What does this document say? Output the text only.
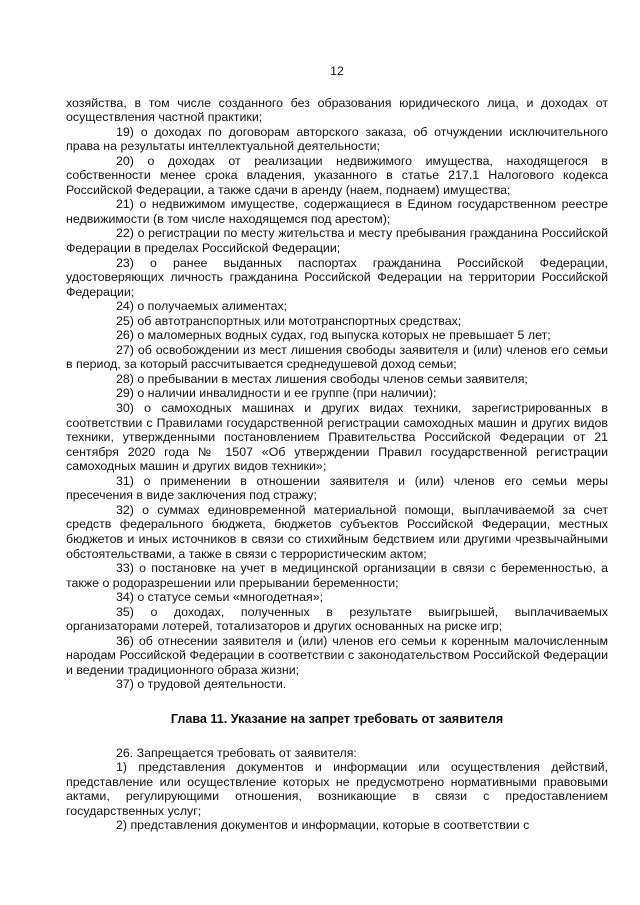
12

хозяйства, в том числе созданного без образования юридического лица, и доходах от осуществления частной практики;

19) о доходах по договорам авторского заказа, об отчуждении исключительного права на результаты интеллектуальной деятельности;

20) о доходах от реализации недвижимого имущества, находящегося в собственности менее срока владения, указанного в статье 217.1 Налогового кодекса Российской Федерации, а также сдачи в аренду (наем, поднаем) имущества;

21) о недвижимом имуществе, содержащиеся в Едином государственном реестре недвижимости (в том числе находящемся под арестом);

22) о регистрации по месту жительства и месту пребывания гражданина Российской Федерации в пределах Российской Федерации;

23) о ранее выданных паспортах гражданина Российской Федерации, удостоверяющих личность гражданина Российской Федерации на территории Российской Федерации;

24) о получаемых алиментах;

25) об автотранспортных или мототранспортных средствах;

26) о маломерных водных судах, год выпуска которых не превышает 5 лет;

27) об освобождении из мест лишения свободы заявителя и (или) членов его семьи в период, за который рассчитывается среднедушевой доход семьи;

28) о пребывании в местах лишения свободы членов семьи заявителя;

29) о наличии инвалидности и ее группе (при наличии);

30) о самоходных машинах и других видах техники, зарегистрированных в соответствии с Правилами государственной регистрации самоходных машин и других видов техники, утвержденными постановлением Правительства Российской Федерации от 21 сентября 2020 года № 1507 «Об утверждении Правил государственной регистрации самоходных машин и других видов техники»;

31) о применении в отношении заявителя и (или) членов его семьи меры пресечения в виде заключения под стражу;

32) о суммах единовременной материальной помощи, выплачиваемой за счет средств федерального бюджета, бюджетов субъектов Российской Федерации, местных бюджетов и иных источников в связи со стихийным бедствием или другими чрезвычайными обстоятельствами, а также в связи с террористическим актом;

33) о постановке на учет в медицинской организации в связи с беременностью, а также о родоразрешении или прерывании беременности;

34) о статусе семьи «многодетная»;

35) о доходах, полученных в результате выигрышей, выплачиваемых организаторами лотерей, тотализаторов и других основанных на риске игр;

36) об отнесении заявителя и (или) членов его семьи к коренным малочисленным народам Российской Федерации в соответствии с законодательством Российской Федерации и ведении традиционного образа жизни;

37) о трудовой деятельности.

Глава 11. Указание на запрет требовать от заявителя

26. Запрещается требовать от заявителя:

1) представления документов и информации или осуществления действий, представление или осуществление которых не предусмотрено нормативными правовыми актами, регулирующими отношения, возникающие в связи с предоставлением государственных услуг;

2) представления документов и информации, которые в соответствии с
